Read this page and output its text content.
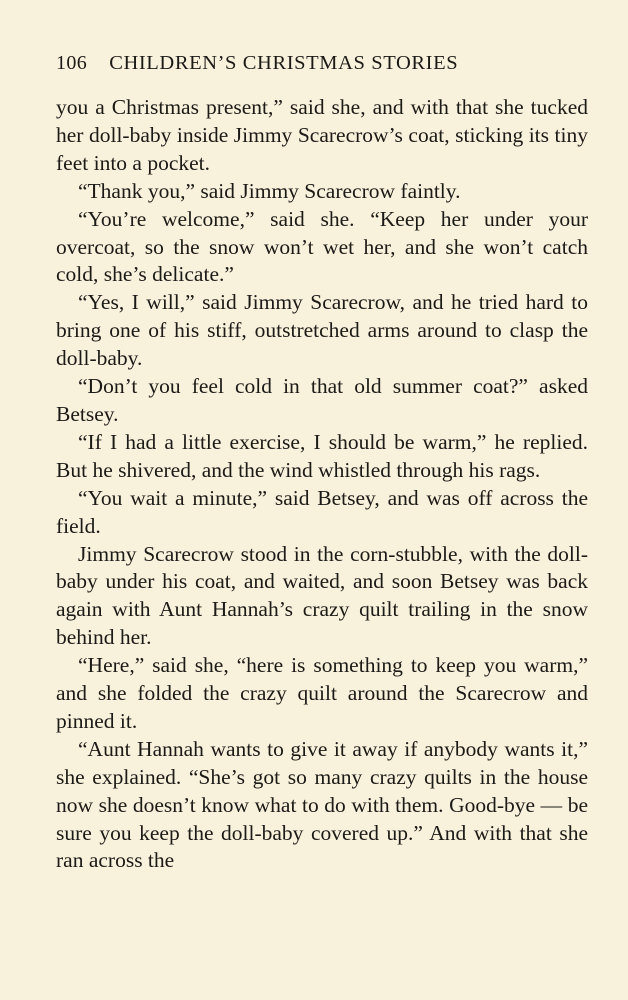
106 CHILDREN’S CHRISTMAS STORIES

you a Christmas present,” said she, and with that she tucked her doll-baby inside Jimmy Scarecrow’s coat, sticking its tiny feet into a pocket.

“Thank you,” said Jimmy Scarecrow faintly.

“You’re welcome,” said she. “Keep her under your overcoat, so the snow won’t wet her, and she won’t catch cold, she’s delicate.”

“Yes, I will,” said Jimmy Scarecrow, and he tried hard to bring one of his stiff, outstretched arms around to clasp the doll-baby.

“Don’t you feel cold in that old summer coat?” asked Betsey.

“If I had a little exercise, I should be warm,” he replied. But he shivered, and the wind whistled through his rags.

“You wait a minute,” said Betsey, and was off across the field.

Jimmy Scarecrow stood in the corn-stubble, with the doll-baby under his coat, and waited, and soon Betsey was back again with Aunt Hannah’s crazy quilt trailing in the snow behind her.

“Here,” said she, “here is something to keep you warm,” and she folded the crazy quilt around the Scarecrow and pinned it.

“Aunt Hannah wants to give it away if anybody wants it,” she explained. “She’s got so many crazy quilts in the house now she doesn’t know what to do with them. Good-bye — be sure you keep the doll-baby covered up.” And with that she ran across the
